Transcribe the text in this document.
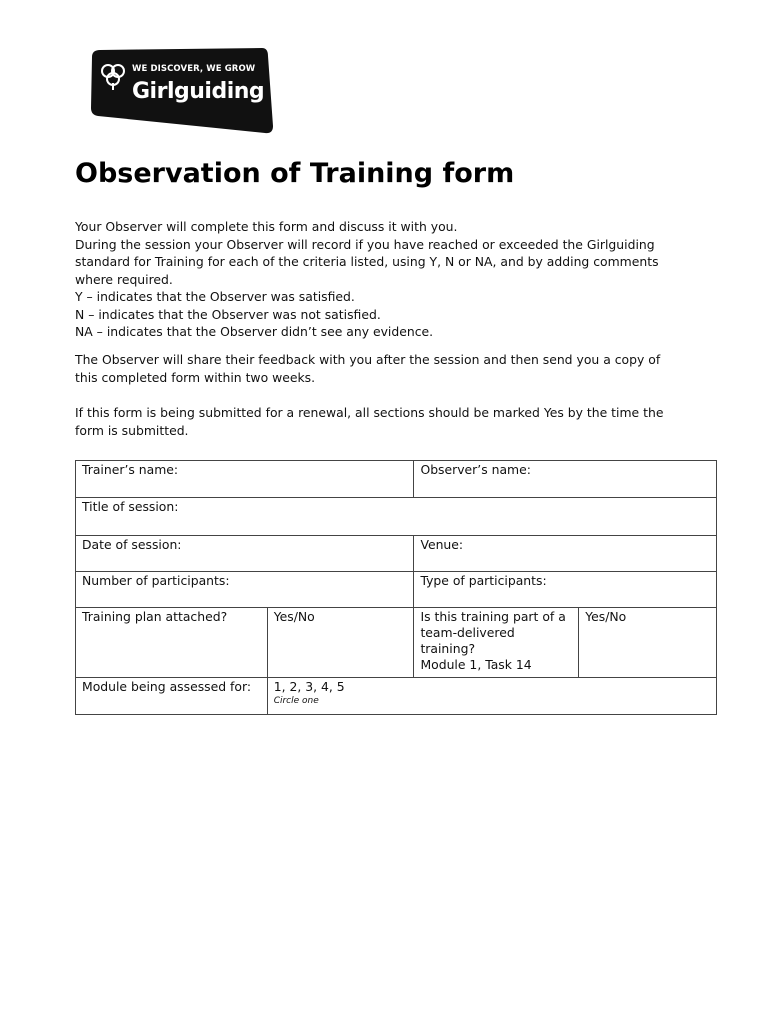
WE DISCOVER, WE GROW
Girlguiding
Observation of Training form
Your Observer will complete this form and discuss it with you.
During the session your Observer will record if you have reached or exceeded the Girlguiding
standard for Training for each of the criteria listed, using Y, N or NA, and by adding comments
where required.
Y – indicates that the Observer was satisfied.
N – indicates that the Observer was not satisfied.
NA – indicates that the Observer didn’t see any evidence.
The Observer will share their feedback with you after the session and then send you a copy of
this completed form within two weeks.
If this form is being submitted for a renewal, all sections should be marked Yes by the time the
form is submitted.
Trainer’s name:		Observer’s name:	
Title of session:			
Date of session:		Venue:	
Number of participants:		Type of participants:	
Training plan attached?	Yes/No	Is this training part of a
team-delivered
training?
Module 1, Task 14	Yes/No
Module being assessed for:	1, 2, 3, 4, 5
Circle one		
